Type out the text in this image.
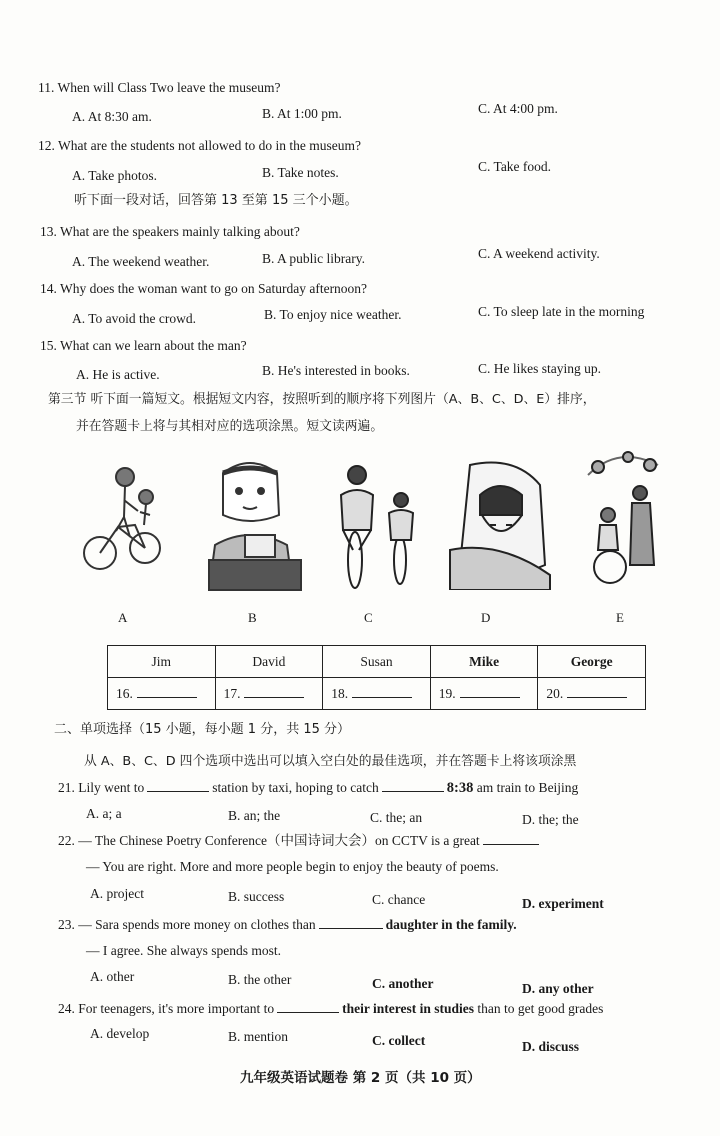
11. When will Class Two leave the museum?
A. At 8:30 am.	B. At 1:00 pm.	C. At 4:00 pm.
12. What are the students not allowed to do in the museum?
A. Take photos.	B. Take notes.	C. Take food.
听下面一段对话，回答第 13 至第 15 三个小题。
13. What are the speakers mainly talking about?
A. The weekend weather.	B. A public library.	C. A weekend activity.
14. Why does the woman want to go on Saturday afternoon?
A. To avoid the crowd.	B. To enjoy nice weather.	C. To sleep late in the morning
15. What can we learn about the man?
A. He is active.	B. He's interested in books.	C. He likes staying up.
第三节 听下面一篇短文。根据短文内容，按照听到的顺序将下列图片（A、B、C、D、E）排序，
并在答题卡上将与其相对应的选项涂黑。短文读两遍。
A	B	C	D	E
Jim	David	Susan	Mike	George
16.	17.	18.	19.	20.
二、单项选择（15 小题，每小题 1 分，共 15 分）
从 A、B、C、D 四个选项中选出可以填入空白处的最佳选项，并在答题卡上将该项涂黑
21. Lily went to	station by taxi, hoping to catch	8:38 am train to Beijing
A. a; a	B. an; the	C. the; an	D. the; the
22. — The Chinese Poetry Conference（中国诗词大会）on CCTV is a great
— You are right. More and more people begin to enjoy the beauty of poems.
A. project	B. success	C. chance	D. experiment
23. — Sara spends more money on clothes than	daughter in the family.
— I agree. She always spends most.
A. other	B. the other	C. another	D. any other
24. For teenagers, it's more important to	their interest in studies than to get good grades
A. develop	B. mention	C. collect	D. discuss
九年级英语试题卷 第 2 页（共 10 页）
